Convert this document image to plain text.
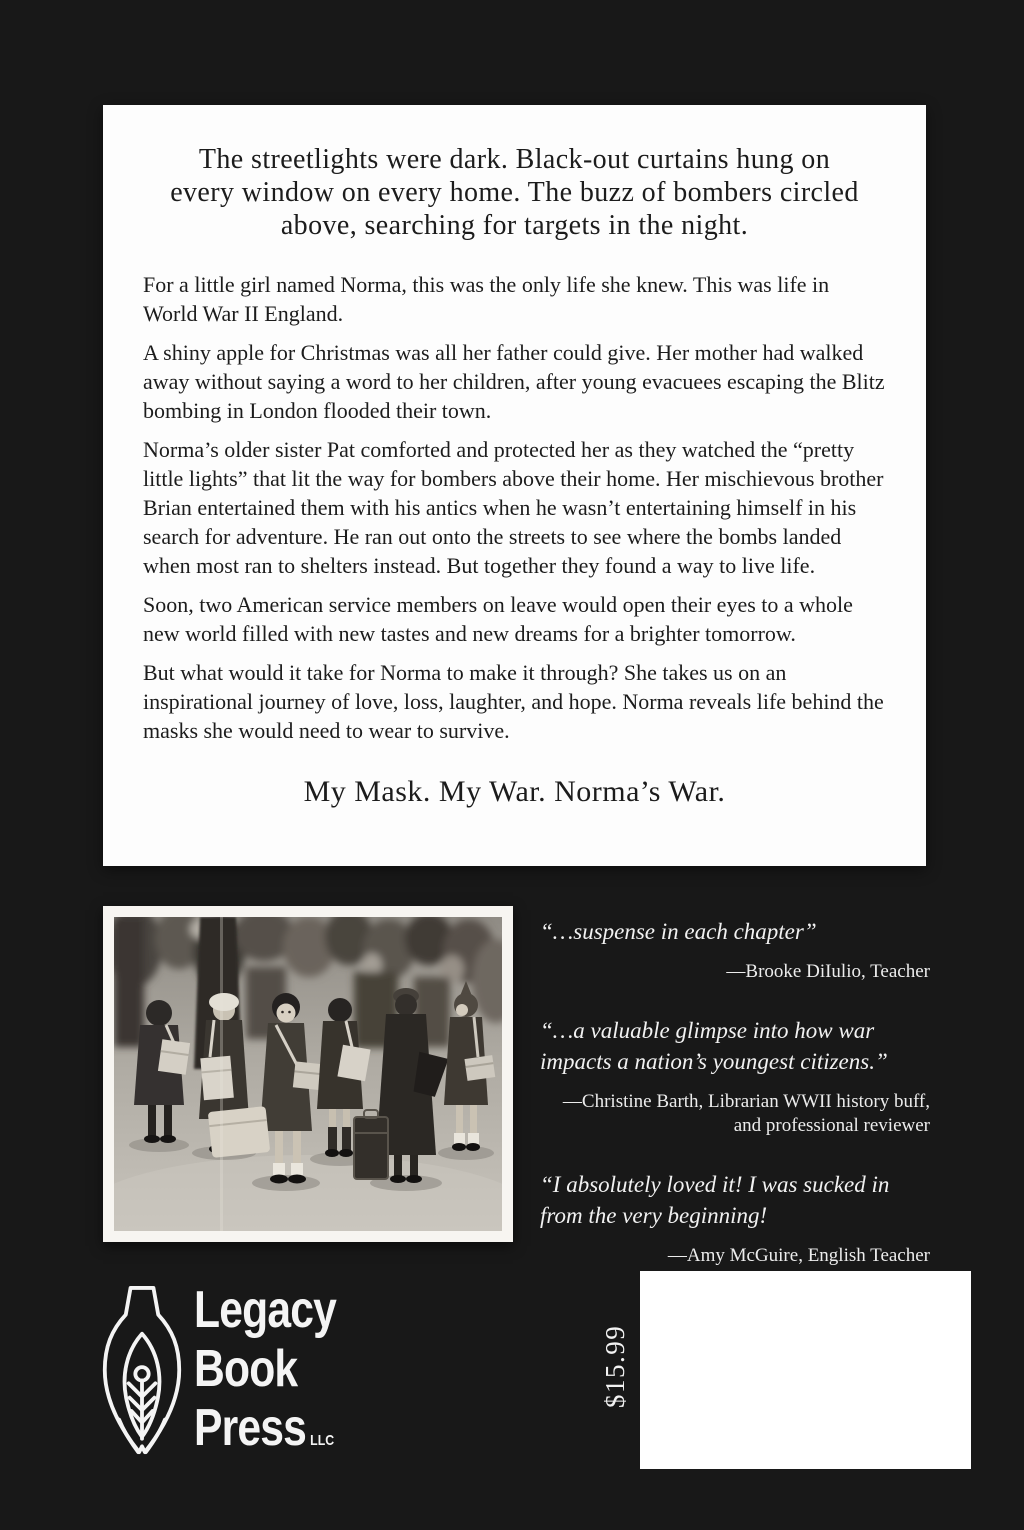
The streetlights were dark. Black-out curtains hung on
every window on every home. The buzz of bombers circled
above, searching for targets in the night.

For a little girl named Norma, this was the only life she knew. This was life in World War II England.

A shiny apple for Christmas was all her father could give. Her mother had walked away without saying a word to her children, after young evacuees escaping the Blitz bombing in London flooded their town.

Norma’s older sister Pat comforted and protected her as they watched the “pretty little lights” that lit the way for bombers above their home. Her mischievous brother Brian entertained them with his antics when he wasn’t entertaining himself in his search for adventure. He ran out onto the streets to see where the bombs landed when most ran to shelters instead. But together they found a way to live life.

Soon, two American service members on leave would open their eyes to a whole new world filled with new tastes and new dreams for a brighter tomorrow.

But what would it take for Norma to make it through? She takes us on an inspirational journey of love, loss, laughter, and hope. Norma reveals life behind the masks she would need to wear to survive.

My Mask. My War. Norma’s War.
“…suspense in each chapter”
—Brooke DiIulio, Teacher
“…a valuable glimpse into how war impacts a nation’s youngest citizens.”
—Christine Barth, Librarian WWII history buff, and professional reviewer
“I absolutely loved it! I was sucked in from the very beginning!
—Amy McGuire, English Teacher
Legacy
Book
Press LLC
$15.99
